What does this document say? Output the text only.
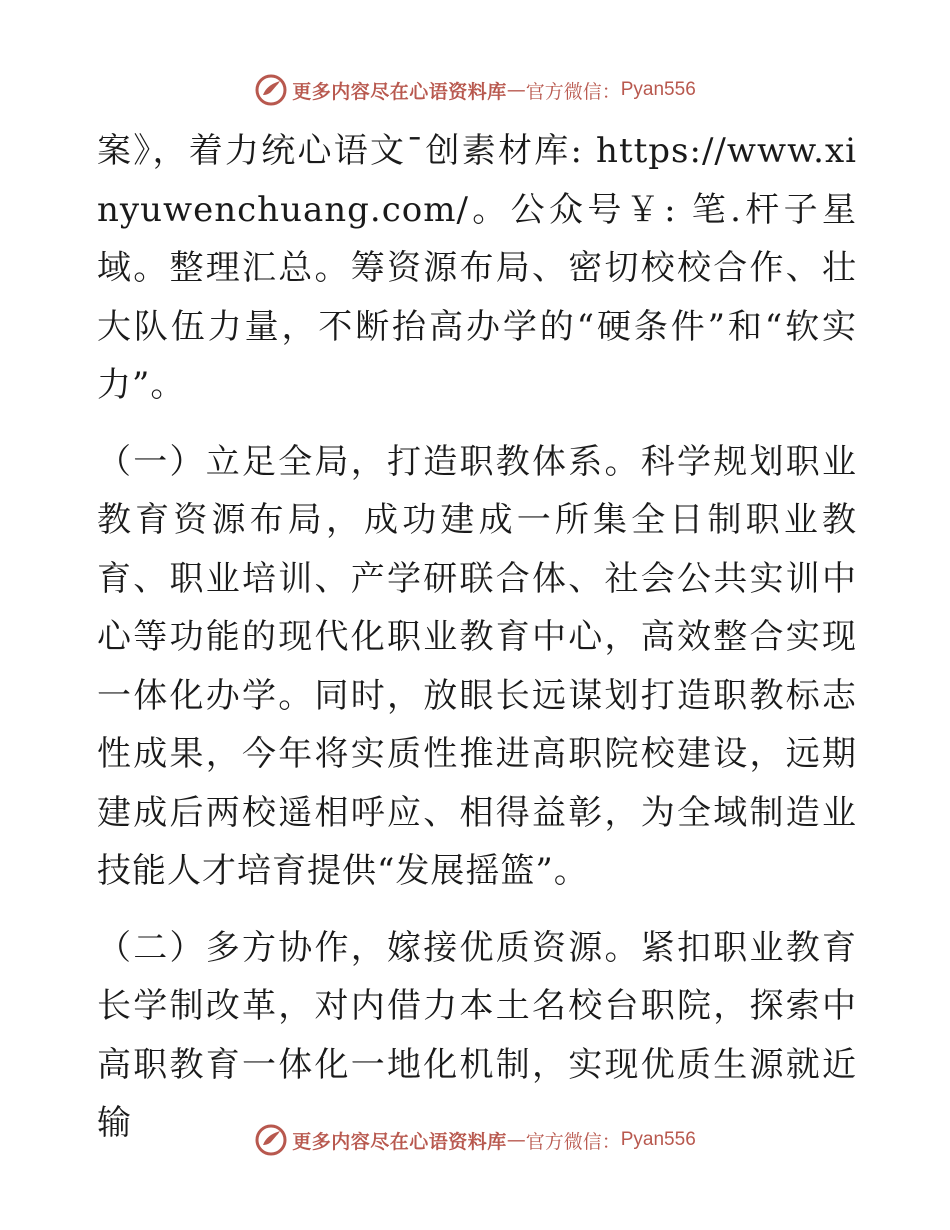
更多内容尽在心语资料库 — 官方微信： Pyan556

案》，着力统心语文¯创素材库: https://www.xinyuwenchuang.com/。公众号￥: 笔.杆子星域。整理汇总。筹资源布局、密切校校合作、壮大队伍力量，不断抬高办学的“硬条件”和“软实力”。

（一）立足全局，打造职教体系。科学规划职业教育资源布局，成功建成一所集全日制职业教育、职业培训、产学研联合体、社会公共实训中心等功能的现代化职业教育中心，高效整合实现一体化办学。同时，放眼长远谋划打造职教标志性成果，今年将实质性推进高职院校建设，远期建成后两校遥相呼应、相得益彰，为全域制造业技能人才培育提供“发展摇篮”。

（二）多方协作，嫁接优质资源。紧扣职业教育长学制改革，对内借力本土名校台职院，探索中高职教育一体化一地化机制，实现优质生源就近输	更多内容尽在心语资料库 — 官方微信： Pyan556
